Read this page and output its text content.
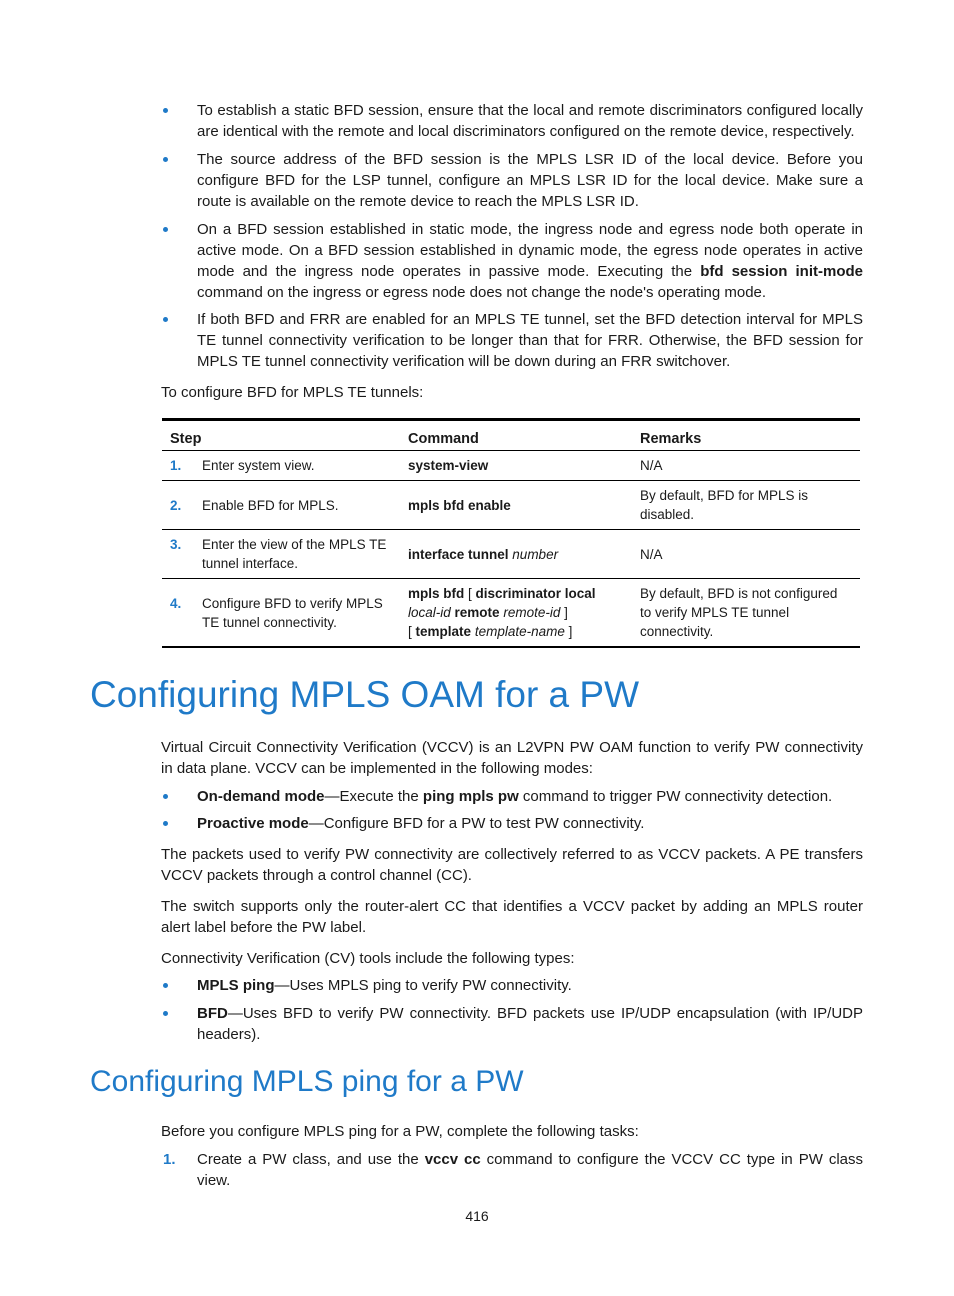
To establish a static BFD session, ensure that the local and remote discriminators configured locally are identical with the remote and local discriminators configured on the remote device, respectively.
The source address of the BFD session is the MPLS LSR ID of the local device. Before you configure BFD for the LSP tunnel, configure an MPLS LSR ID for the local device. Make sure a route is available on the remote device to reach the MPLS LSR ID.
On a BFD session established in static mode, the ingress node and egress node both operate in active mode. On a BFD session established in dynamic mode, the egress node operates in active mode and the ingress node operates in passive mode. Executing the bfd session init-mode command on the ingress or egress node does not change the node's operating mode.
If both BFD and FRR are enabled for an MPLS TE tunnel, set the BFD detection interval for MPLS TE tunnel connectivity verification to be longer than that for FRR. Otherwise, the BFD session for MPLS TE tunnel connectivity verification will be down during an FRR switchover.
To configure BFD for MPLS TE tunnels:
Step	Command	Remarks
1. Enter system view.	system-view	N/A
2. Enable BFD for MPLS.	mpls bfd enable	By default, BFD for MPLS is disabled.
3. Enter the view of the MPLS TE tunnel interface.	interface tunnel number	N/A
4. Configure BFD to verify MPLS TE tunnel connectivity.	mpls bfd [ discriminator local local-id remote remote-id ]
[ template template-name ]	By default, BFD is not configured to verify MPLS TE tunnel connectivity.
Configuring MPLS OAM for a PW
Virtual Circuit Connectivity Verification (VCCV) is an L2VPN PW OAM function to verify PW connectivity in data plane. VCCV can be implemented in the following modes:
On-demand mode—Execute the ping mpls pw command to trigger PW connectivity detection.
Proactive mode—Configure BFD for a PW to test PW connectivity.
The packets used to verify PW connectivity are collectively referred to as VCCV packets. A PE transfers VCCV packets through a control channel (CC).
The switch supports only the router-alert CC that identifies a VCCV packet by adding an MPLS router alert label before the PW label.
Connectivity Verification (CV) tools include the following types:
MPLS ping—Uses MPLS ping to verify PW connectivity.
BFD—Uses BFD to verify PW connectivity. BFD packets use IP/UDP encapsulation (with IP/UDP headers).
Configuring MPLS ping for a PW
Before you configure MPLS ping for a PW, complete the following tasks:
1. Create a PW class, and use the vccv cc command to configure the VCCV CC type in PW class view.
416
